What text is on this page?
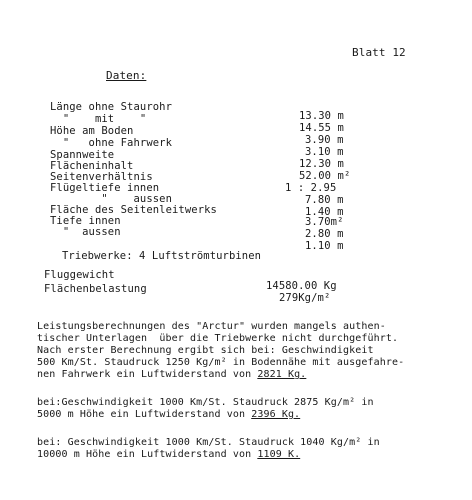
Blatt 12
Daten:
Länge ohne Staurohr
"    mit    "
Höhe am Boden
"   ohne Fahrwerk
Spannweite
Flächeninhalt
Seitenverhältnis
Flügeltiefe innen
"    aussen
Fläche des Seitenleitwerks
Tiefe innen
"  aussen
13.30 m
14.55 m
3.90 m
3.10 m
12.30 m
52.00 m²
1 : 2.95
7.80 m
1.40 m
3.70m²
2.80 m
1.10 m
Triebwerke: 4 Luftströmturbinen
Fluggewicht
Flächenbelastung	14580.00 Kg
279Kg/m²
Leistungsberechnungen des "Arctur" wurden mangels authen-
tischer Unterlagen  über die Triebwerke nicht durchgeführt.
Nach erster Berechnung ergibt sich bei: Geschwindigkeit
500 Km/St. Staudruck 1250 Kg/m² in Bodennähe mit ausgefahre-
nen Fahrwerk ein Luftwiderstand von 2821 Kg.
bei:Geschwindigkeit 1000 Km/St. Staudruck 2875 Kg/m² in
5000 m Höhe ein Luftwiderstand von 2396 Kg.
bei: Geschwindigkeit 1000 Km/St. Staudruck 1040 Kg/m² in
10000 m Höhe ein Luftwiderstand von 1109 K.
